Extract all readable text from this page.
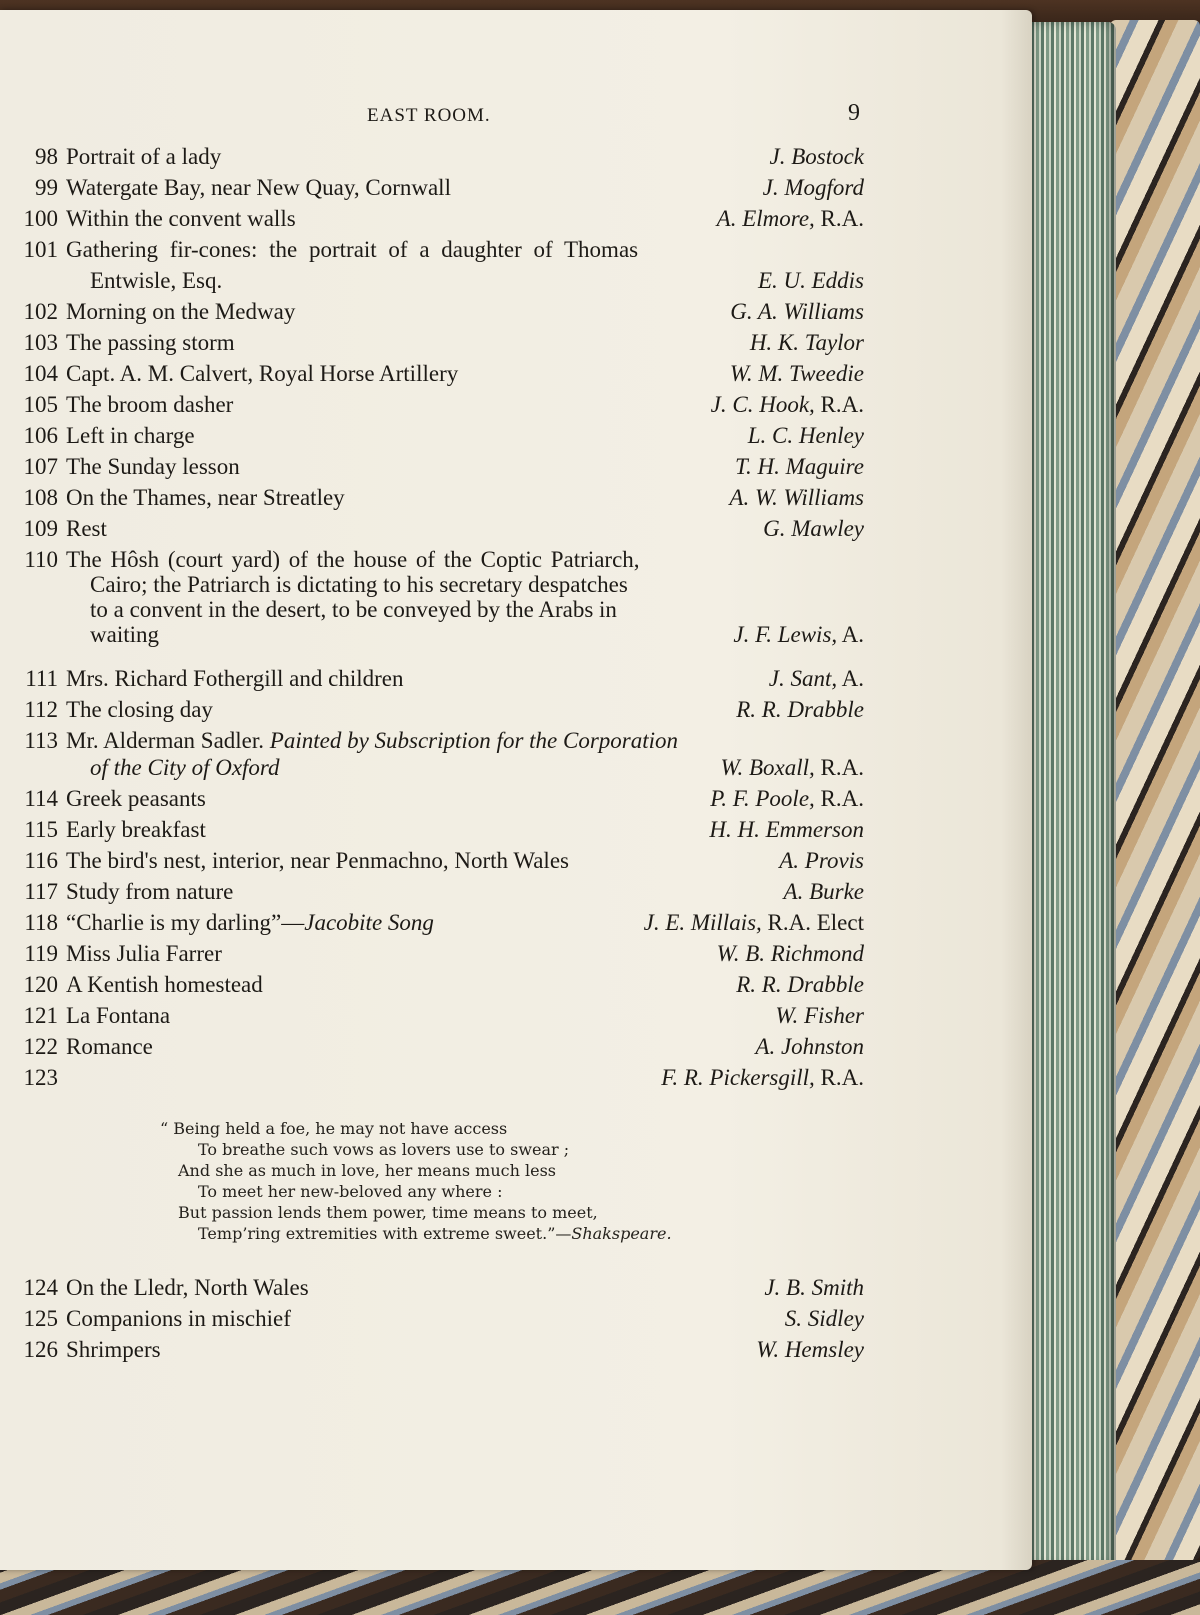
EAST ROOM.	9
98 Portrait of a lady	J. Bostock
99 Watergate Bay, near New Quay, Cornwall	J. Mogford
100 Within the convent walls	A. Elmore, R.A.
101 Gathering fir-cones: the portrait of a daughter of Thomas
Entwisle, Esq.	E. U. Eddis
102 Morning on the Medway	G. A. Williams
103 The passing storm	H. K. Taylor
104 Capt. A. M. Calvert, Royal Horse Artillery	W. M. Tweedie
105 The broom dasher	J. C. Hook, R.A.
106 Left in charge	L. C. Henley
107 The Sunday lesson	T. H. Maguire
108 On the Thames, near Streatley	A. W. Williams
109 Rest	G. Mawley
110 The Hôsh (court yard) of the house of the Coptic Patriarch,
Cairo; the Patriarch is dictating to his secretary despatches
to a convent in the desert, to be conveyed by the Arabs in
waiting	J. F. Lewis, A.
111 Mrs. Richard Fothergill and children	J. Sant, A.
112 The closing day	R. R. Drabble
113 Mr. Alderman Sadler. Painted by Subscription for the Corporation
of the City of Oxford	W. Boxall, R.A.
114 Greek peasants	P. F. Poole, R.A.
115 Early breakfast	H. H. Emmerson
116 The bird's nest, interior, near Penmachno, North Wales	A. Provis
117 Study from nature	A. Burke
118 “Charlie is my darling”—Jacobite Song	J. E. Millais, R.A. Elect
119 Miss Julia Farrer	W. B. Richmond
120 A Kentish homestead	R. R. Drabble
121 La Fontana	W. Fisher
122 Romance	A. Johnston
123	F. R. Pickersgill, R.A.
“ Being held a foe, he may not have access
To breathe such vows as lovers use to swear ;
And she as much in love, her means much less
To meet her new-beloved any where :
But passion lends them power, time means to meet,
Temp’ring extremities with extreme sweet.”—Shakspeare.
124 On the Lledr, North Wales	J. B. Smith
125 Companions in mischief	S. Sidley
126 Shrimpers	W. Hemsley
